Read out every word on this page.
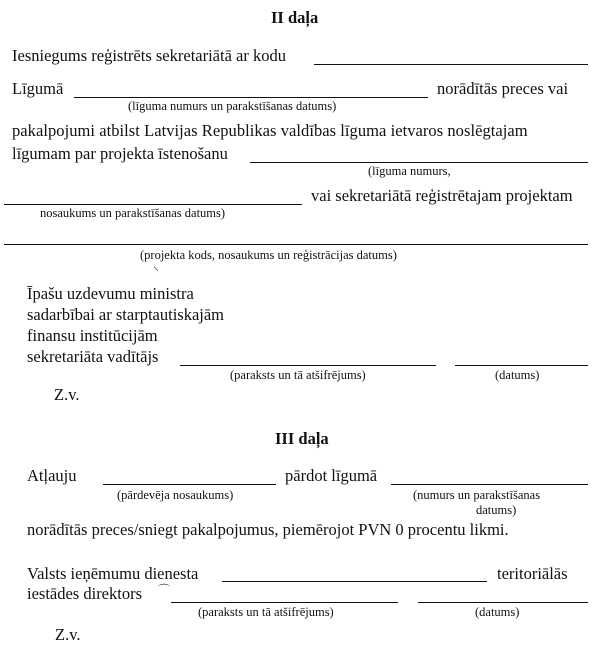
II daļa
Iesniegums reģistrēts sekretariātā ar kodu
Līgumā	norādītās preces vai
(līguma numurs un parakstīšanas datums)
pakalpojumi atbilst Latvijas Republikas valdības līguma ietvaros noslēgtajam
līgumam par projekta īstenošanu
(līguma numurs,
vai sekretariātā reģistrētajam projektam
nosaukums un parakstīšanas datums)
(projekta kods, nosaukums un reģistrācijas datums)
⸌
Īpašu uzdevumu ministra
sadarbībai ar starptautiskajām
finansu institūcijām
sekretariāta vadītājs
(paraksts un tā atšifrējums)	(datums)
Z.v.
III daļa
Atļauju	pārdot līgumā
(pārdevēja nosaukums)	(numurs un parakstīšanas
datums)
norādītās preces/sniegt pakalpojumus, piemērojot PVN 0 procentu likmi.
Valsts ieņēmumu dienesta	teritoriālās
iestādes direktors ⌒
(paraksts un tā atšifrējums)	(datums)
Z.v.
